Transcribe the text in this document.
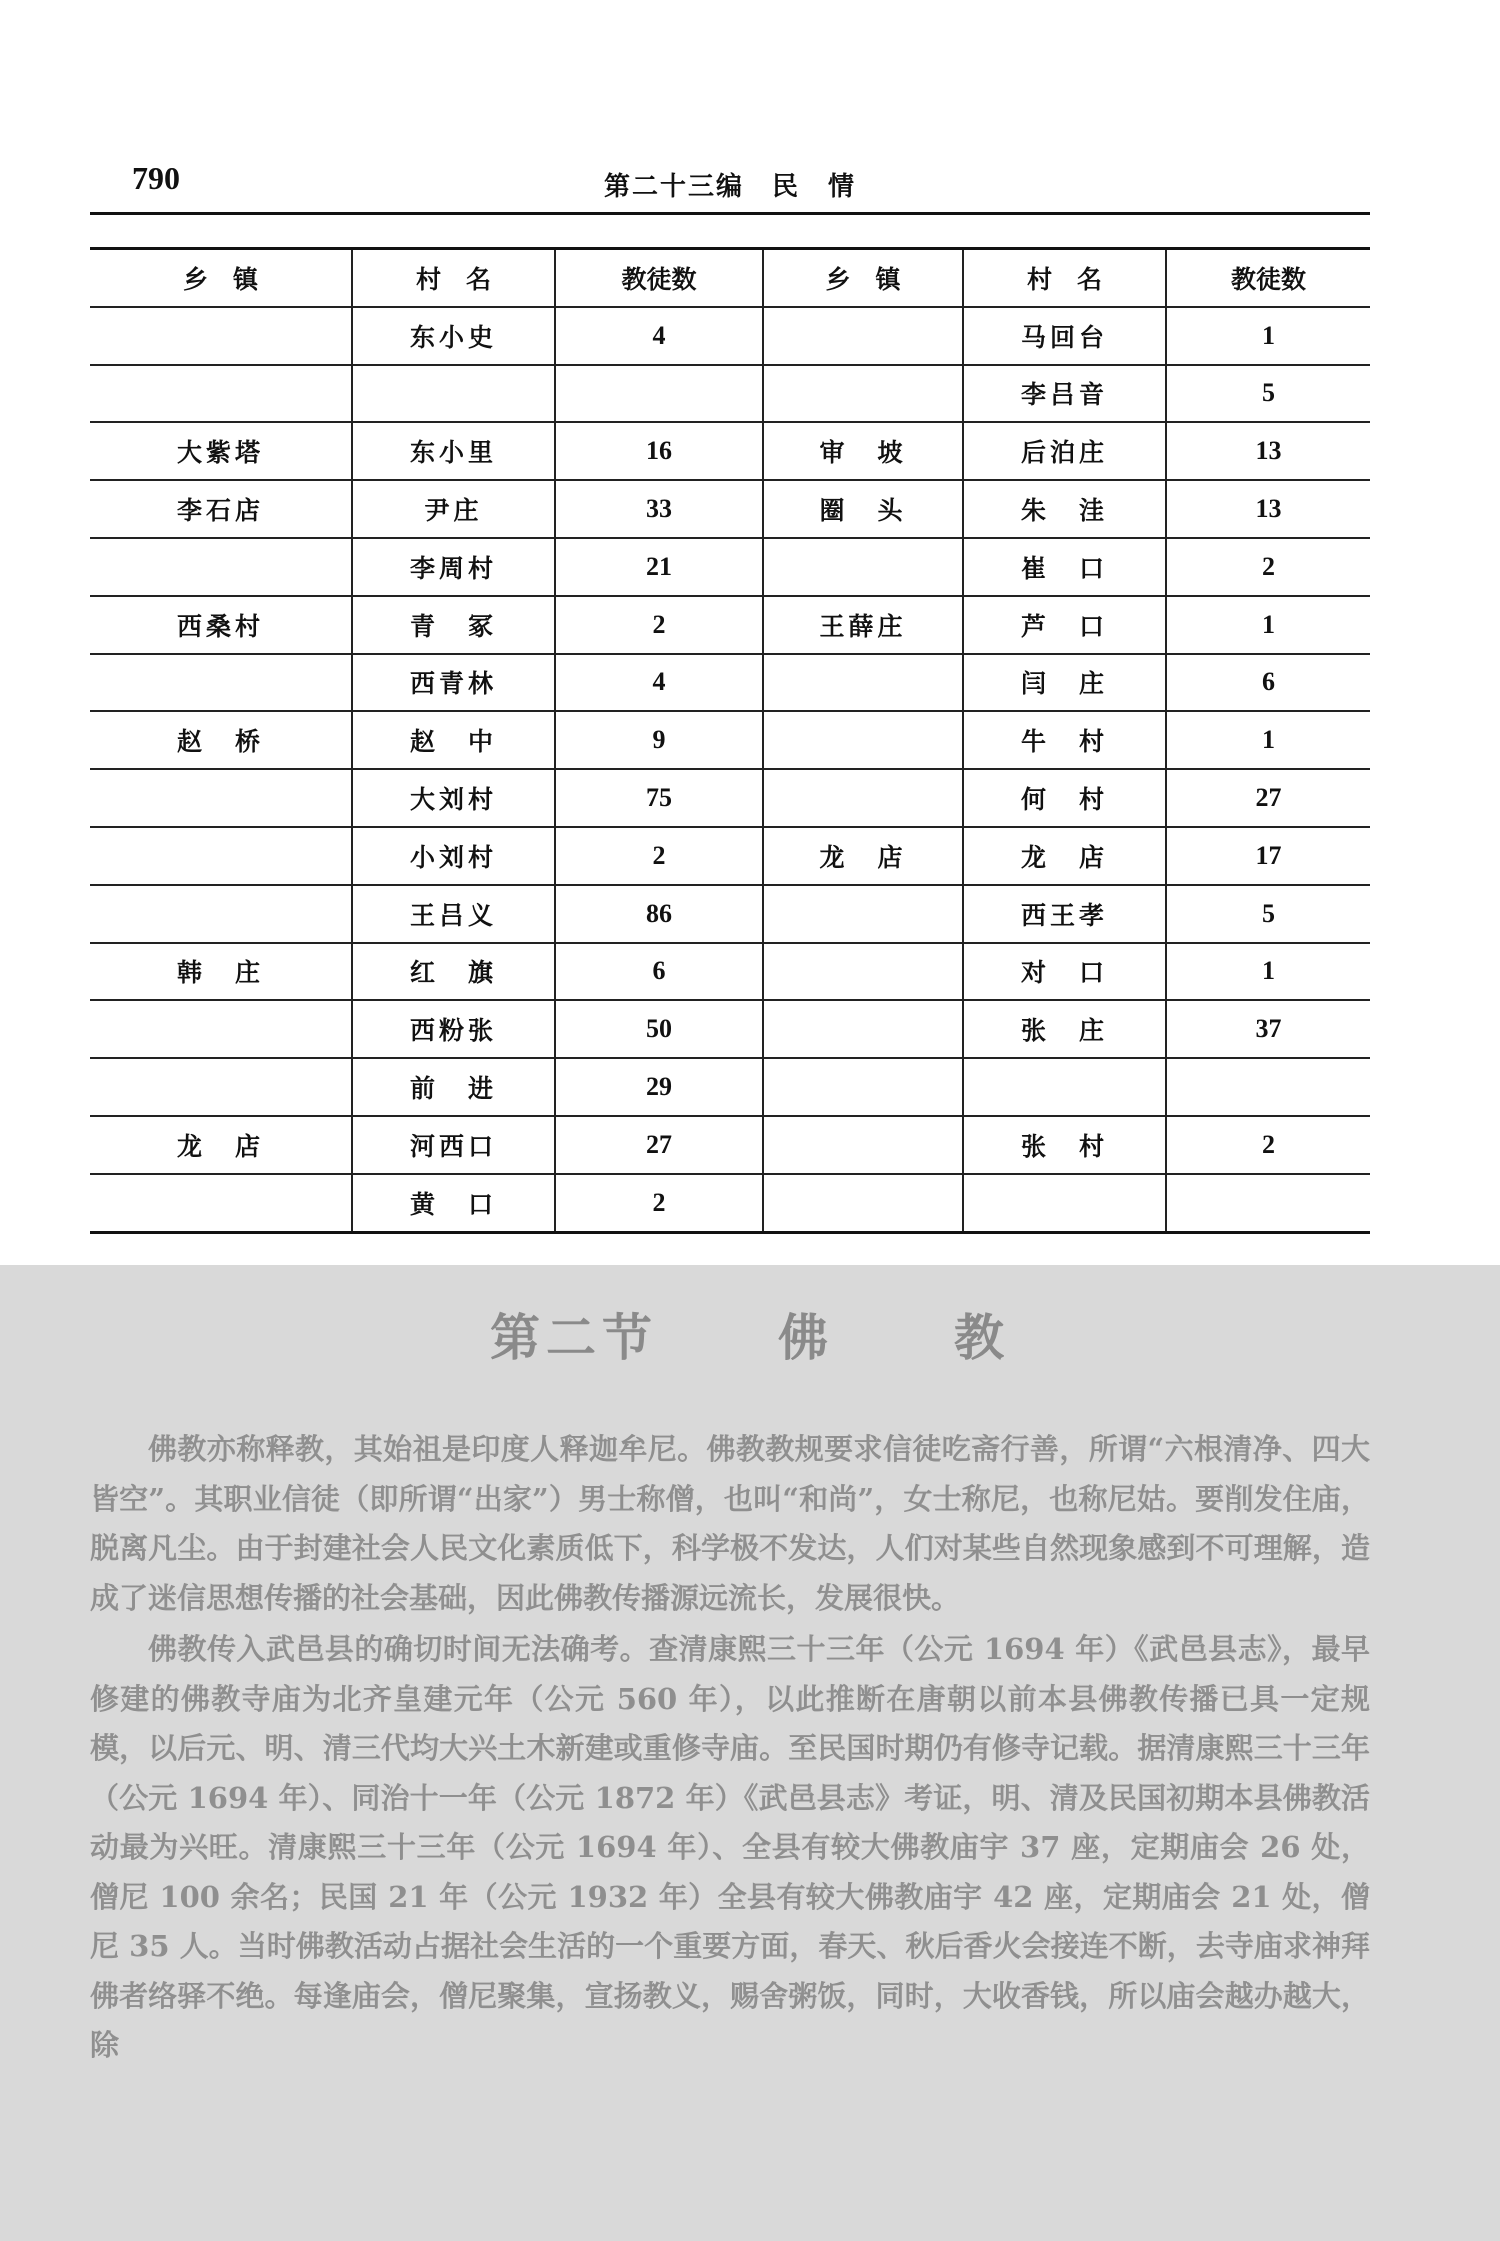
790	第二十三编　民　情
乡　镇	村　名	教徒数	乡　镇	村　名	教徒数
	东小史	4		马回台	1
				李吕音	5
大紫塔	东小里	16	审　坡	后泊庄	13
李石店	尹庄	33	圈　头	朱　洼	13
	李周村	21		崔　口	2
西桑村	青　冢	2	王薛庄	芦　口	1
	西青林	4		闫　庄	6
赵　桥	赵　中	9		牛　村	1
	大刘村	75		何　村	27
	小刘村	2	龙　店	龙　店	17
	王吕义	86		西王孝	5
韩　庄	红　旗	6		对　口	1
	西粉张	50		张　庄	37
	前　进	29			
龙　店	河西口	27		张　村	2
	黄　口	2			
第二节 佛 教

佛教亦称释教，其始祖是印度人释迦牟尼。佛教教规要求信徒吃斋行善，所谓“六根清净、四大皆空”。其职业信徒（即所谓“出家”）男士称僧，也叫“和尚”，女士称尼，也称尼姑。要削发住庙，脱离凡尘。由于封建社会人民文化素质低下，科学极不发达，人们对某些自然现象感到不可理解，造成了迷信思想传播的社会基础，因此佛教传播源远流长，发展很快。

佛教传入武邑县的确切时间无法确考。查清康熙三十三年（公元 1694 年）《武邑县志》，最早修建的佛教寺庙为北齐皇建元年（公元 560 年），以此推断在唐朝以前本县佛教传播已具一定规模，以后元、明、清三代均大兴土木新建或重修寺庙。至民国时期仍有修寺记载。据清康熙三十三年（公元 1694 年）、同治十一年（公元 1872 年）《武邑县志》考证，明、清及民国初期本县佛教活动最为兴旺。清康熙三十三年（公元 1694 年）、全县有较大佛教庙宇 37 座，定期庙会 26 处，僧尼 100 余名；民国 21 年（公元 1932 年）全县有较大佛教庙宇 42 座，定期庙会 21 处，僧尼 35 人。当时佛教活动占据社会生活的一个重要方面，春天、秋后香火会接连不断，去寺庙求神拜佛者络驿不绝。每逢庙会，僧尼聚集，宣扬教义，赐舍粥饭，同时，大收香钱，所以庙会越办越大，除
